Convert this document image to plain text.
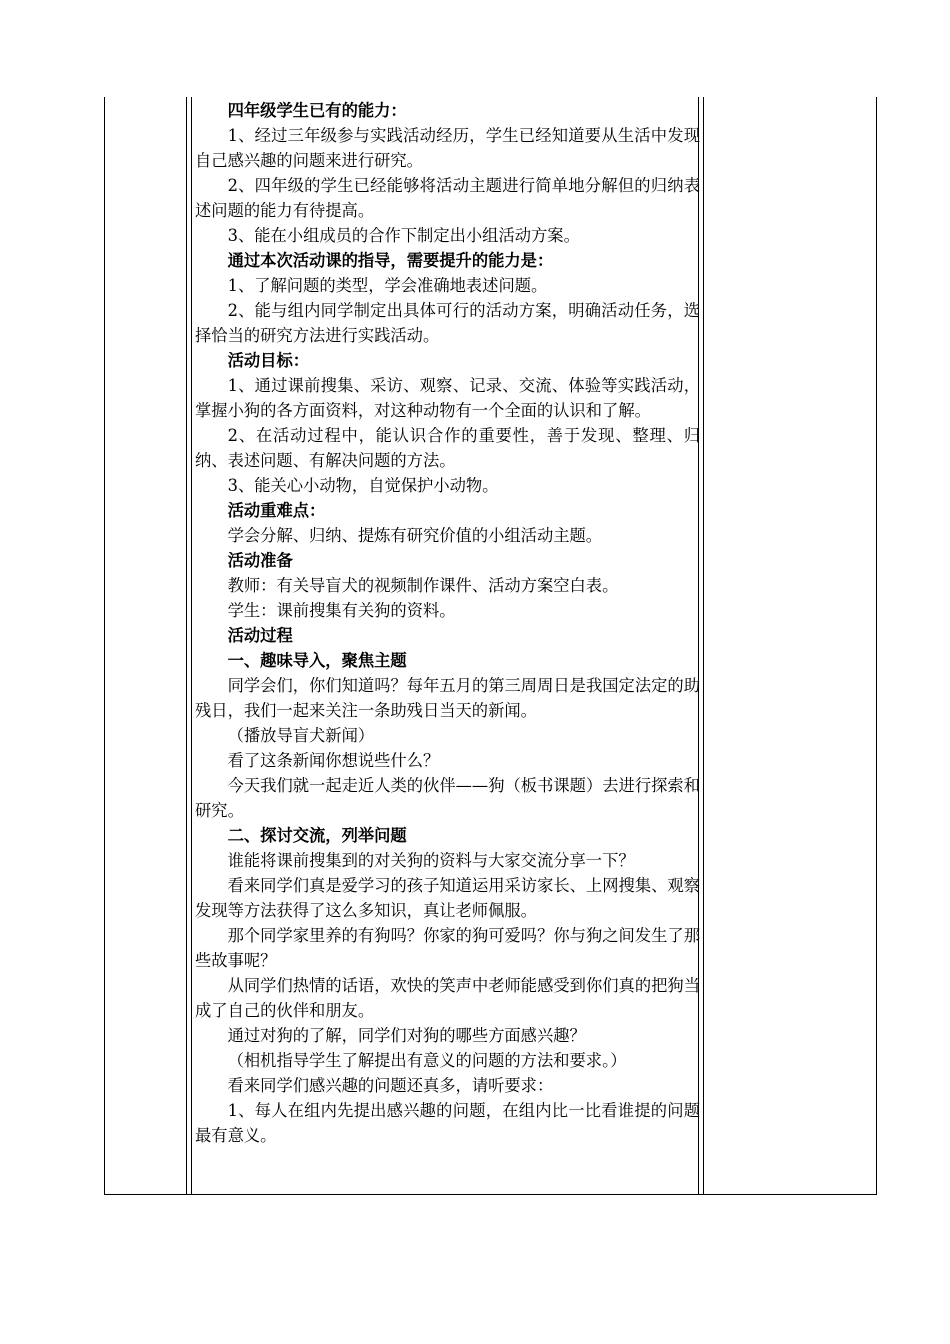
四年级学生已有的能力：

1、经过三年级参与实践活动经历，学生已经知道要从生活中发现自己感兴趣的问题来进行研究。

2、四年级的学生已经能够将活动主题进行简单地分解但的归纳表述问题的能力有待提高。

3、能在小组成员的合作下制定出小组活动方案。

通过本次活动课的指导，需要提升的能力是：

1、了解问题的类型，学会准确地表述问题。

2、能与组内同学制定出具体可行的活动方案，明确活动任务，选择恰当的研究方法进行实践活动。

活动目标：

1、通过课前搜集、采访、观察、记录、交流、体验等实践活动，掌握小狗的各方面资料，对这种动物有一个全面的认识和了解。

2、在活动过程中，能认识合作的重要性，善于发现、整理、归纳、表述问题、有解决问题的方法。

3、能关心小动物，自觉保护小动物。

活动重难点：

学会分解、归纳、提炼有研究价值的小组活动主题。

活动准备

教师：有关导盲犬的视频制作课件、活动方案空白表。

学生：课前搜集有关狗的资料。

活动过程

一、趣味导入，聚焦主题

同学会们，你们知道吗？每年五月的第三周周日是我国定法定的助残日，我们一起来关注一条助残日当天的新闻。

（播放导盲犬新闻）

看了这条新闻你想说些什么？

今天我们就一起走近人类的伙伴——狗（板书课题）去进行探索和研究。

二、探讨交流，列举问题

谁能将课前搜集到的对关狗的资料与大家交流分享一下？

看来同学们真是爱学习的孩子知道运用采访家长、上网搜集、观察发现等方法获得了这么多知识，真让老师佩服。

那个同学家里养的有狗吗？你家的狗可爱吗？你与狗之间发生了那些故事呢？

从同学们热情的话语，欢快的笑声中老师能感受到你们真的把狗当成了自己的伙伴和朋友。

通过对狗的了解，同学们对狗的哪些方面感兴趣？

（相机指导学生了解提出有意义的问题的方法和要求。）

看来同学们感兴趣的问题还真多，请听要求：

1、每人在组内先提出感兴趣的问题，在组内比一比看谁提的问题最有意义。
